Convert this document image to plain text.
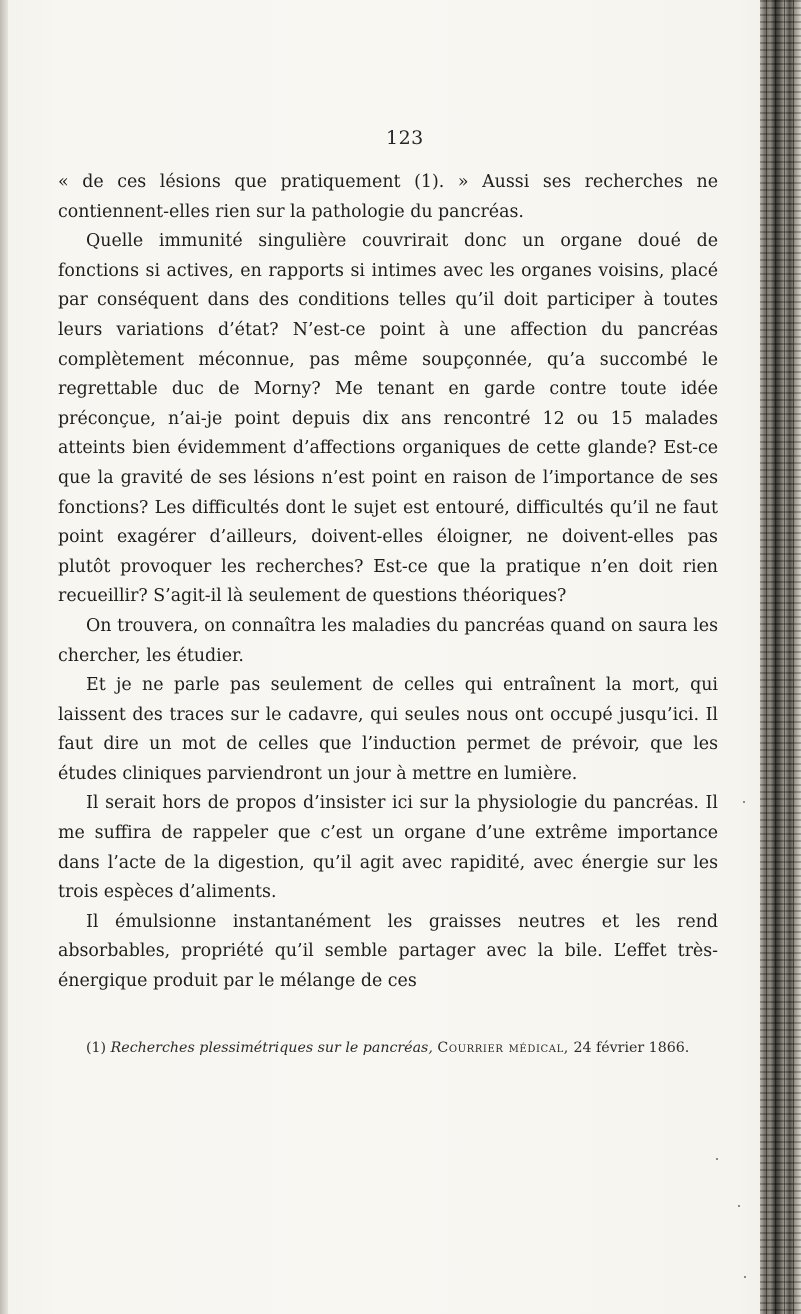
123

« de ces lésions que pratiquement (1). » Aussi ses recherches ne contiennent-elles rien sur la pathologie du pancréas.

Quelle immunité singulière couvrirait donc un organe doué de fonctions si actives, en rapports si intimes avec les organes voisins, placé par conséquent dans des conditions telles qu’il doit participer à toutes leurs variations d’état? N’est-ce point à une affection du pancréas complètement méconnue, pas même soupçonnée, qu’a succombé le regrettable duc de Morny? Me tenant en garde contre toute idée préconçue, n’ai-je point depuis dix ans rencontré 12 ou 15 malades atteints bien évidemment d’affections organiques de cette glande? Est-ce que la gravité de ses lésions n’est point en raison de l’importance de ses fonctions? Les difficultés dont le sujet est entouré, difficultés qu’il ne faut point exagérer d’ailleurs, doivent-elles éloigner, ne doivent-elles pas plutôt provoquer les recherches? Est-ce que la pratique n’en doit rien recueillir? S’agit-il là seulement de questions théoriques?

On trouvera, on connaîtra les maladies du pancréas quand on saura les chercher, les étudier.

Et je ne parle pas seulement de celles qui entraînent la mort, qui laissent des traces sur le cadavre, qui seules nous ont occupé jusqu’ici. Il faut dire un mot de celles que l’induction permet de prévoir, que les études cliniques parviendront un jour à mettre en lumière.

Il serait hors de propos d’insister ici sur la physiologie du pancréas. Il me suffira de rappeler que c’est un organe d’une extrême importance dans l’acte de la digestion, qu’il agit avec rapidité, avec énergie sur les trois espèces d’aliments.

Il émulsionne instantanément les graisses neutres et les rend absorbables, propriété qu’il semble partager avec la bile. L’effet très-énergique produit par le mélange de ces

(1) Recherches plessimétriques sur le pancréas, Courrier médical, 24 février 1866.
